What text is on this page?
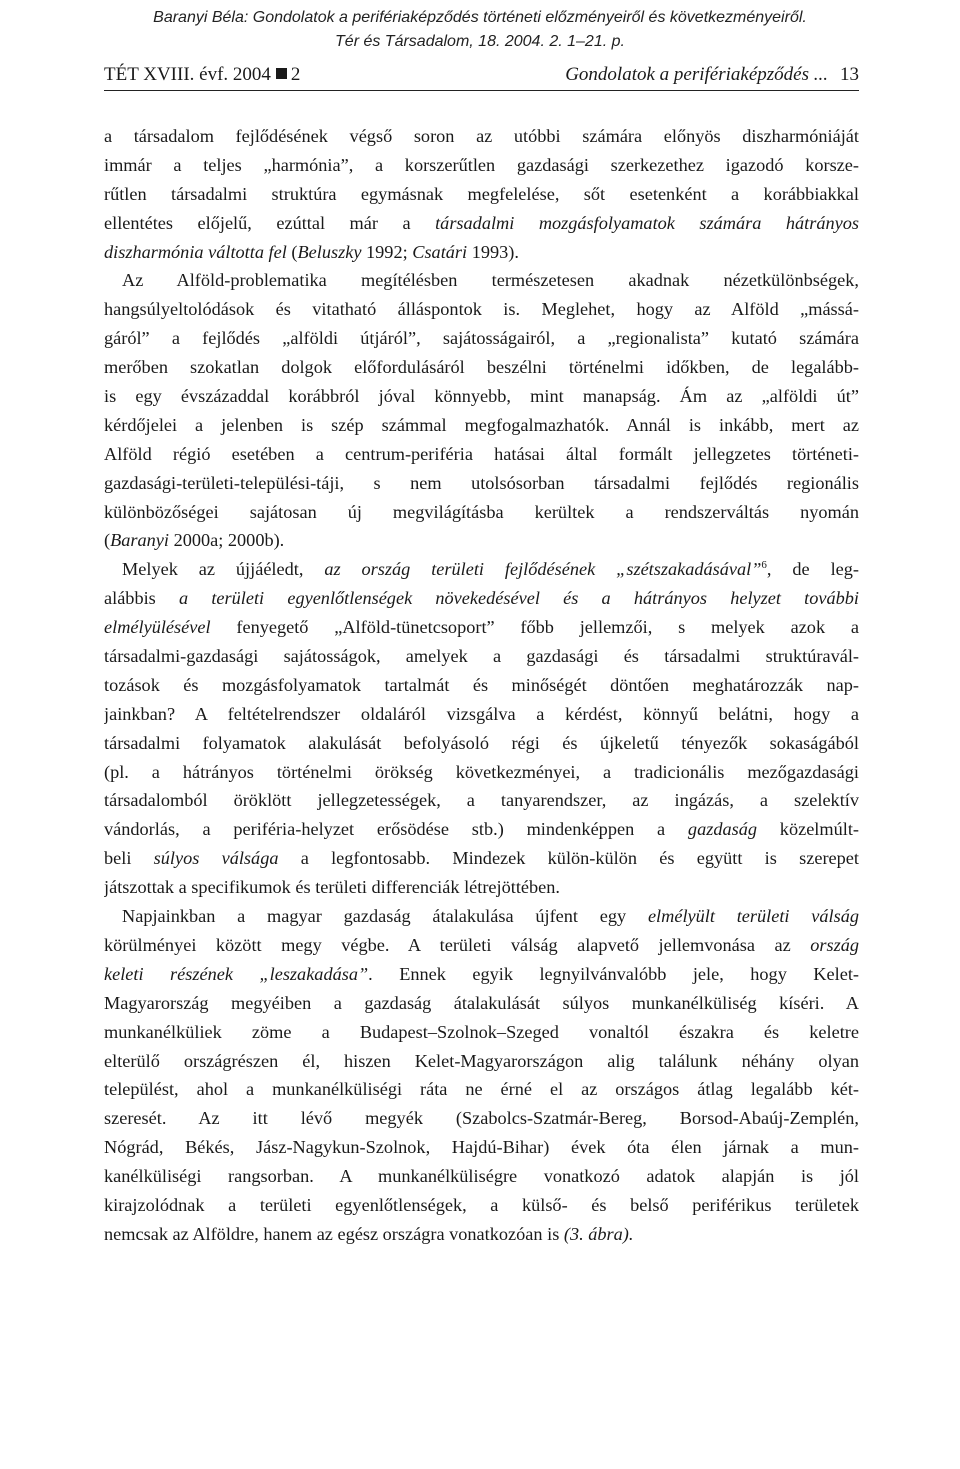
Baranyi Béla: Gondolatok a perifériaképződés történeti előzményeiről és következményeiről.
Tér és Társadalom, 18. 2004. 2. 1–21. p.
TÉT XVIII. évf. 2004 2	Gondolatok a perifériaképződés ... 13
a társadalom fejlődésének végső soron az utóbbi számára előnyös diszharmóniáját
immár a teljes „harmónia”, a korszerűtlen gazdasági szerkezethez igazodó korsze-
rűtlen társadalmi struktúra egymásnak megfelelése, sőt esetenként a korábbiakkal
ellentétes előjelű, ezúttal már a társadalmi mozgásfolyamatok számára hátrányos
diszharmónia váltotta fel (Beluszky 1992; Csatári 1993).
Az Alföld-problematika megítélésben természetesen akadnak nézetkülönbségek,
hangsúlyeltolódások és vitatható álláspontok is. Meglehet, hogy az Alföld „mássá-
gáról” a fejlődés „alföldi útjáról”, sajátosságairól, a „regionalista” kutató számára
merőben szokatlan dolgok előfordulásáról beszélni történelmi időkben, de legalább-
is egy évszázaddal korábbról jóval könnyebb, mint manapság. Ám az „alföldi út”
kérdőjelei a jelenben is szép számmal megfogalmazhatók. Annál is inkább, mert az
Alföld régió esetében a centrum-periféria hatásai által formált jellegzetes történeti-
gazdasági-területi-települési-táji, s nem utolsósorban társadalmi fejlődés regionális
különbözőségei sajátosan új megvilágításba kerültek a rendszerváltás nyomán
(Baranyi 2000a; 2000b).
Melyek az újjáéledt, az ország területi fejlődésének „szétszakadásával”$^6$, de leg-
alábbis a területi egyenlőtlenségek növekedésével és a hátrányos helyzet további
elmélyülésével fenyegető „Alföld-tünetcsoport” főbb jellemzői, s melyek azok a
társadalmi-gazdasági sajátosságok, amelyek a gazdasági és társadalmi struktúravál-
tozások és mozgásfolyamatok tartalmát és minőségét döntően meghatározzák nap-
jainkban? A feltételrendszer oldaláról vizsgálva a kérdést, könnyű belátni, hogy a
társadalmi folyamatok alakulását befolyásoló régi és újkeletű tényezők sokaságából
(pl. a hátrányos történelmi örökség következményei, a tradicionális mezőgazdasági
társadalomból öröklött jellegzetességek, a tanyarendszer, az ingázás, a szelektív
vándorlás, a periféria-helyzet erősödése stb.) mindenképpen a gazdaság közelmúlt-
beli súlyos válsága a legfontosabb. Mindezek külön-külön és együtt is szerepet
játszottak a specifikumok és területi differenciák létrejöttében.
Napjainkban a magyar gazdaság átalakulása újfent egy elmélyült területi válság
körülményei között megy végbe. A területi válság alapvető jellemvonása az ország
keleti részének „leszakadása”. Ennek egyik legnyilvánvalóbb jele, hogy Kelet-
Magyarország megyéiben a gazdaság átalakulását súlyos munkanélküliség kíséri. A
munkanélküliek zöme a Budapest–Szolnok–Szeged vonaltól északra és keletre
elterülő országrészen él, hiszen Kelet-Magyarországon alig találunk néhány olyan
települést, ahol a munkanélküliségi ráta ne érné el az országos átlag legalább két-
szeresét. Az itt lévő megyék (Szabolcs-Szatmár-Bereg, Borsod-Abaúj-Zemplén,
Nógrád, Békés, Jász-Nagykun-Szolnok, Hajdú-Bihar) évek óta élen járnak a mun-
kanélküliségi rangsorban. A munkanélküliségre vonatkozó adatok alapján is jól
kirajzolódnak a területi egyenlőtlenségek, a külső- és belső periférikus területek
nemcsak az Alföldre, hanem az egész országra vonatkozóan is (3. ábra).
